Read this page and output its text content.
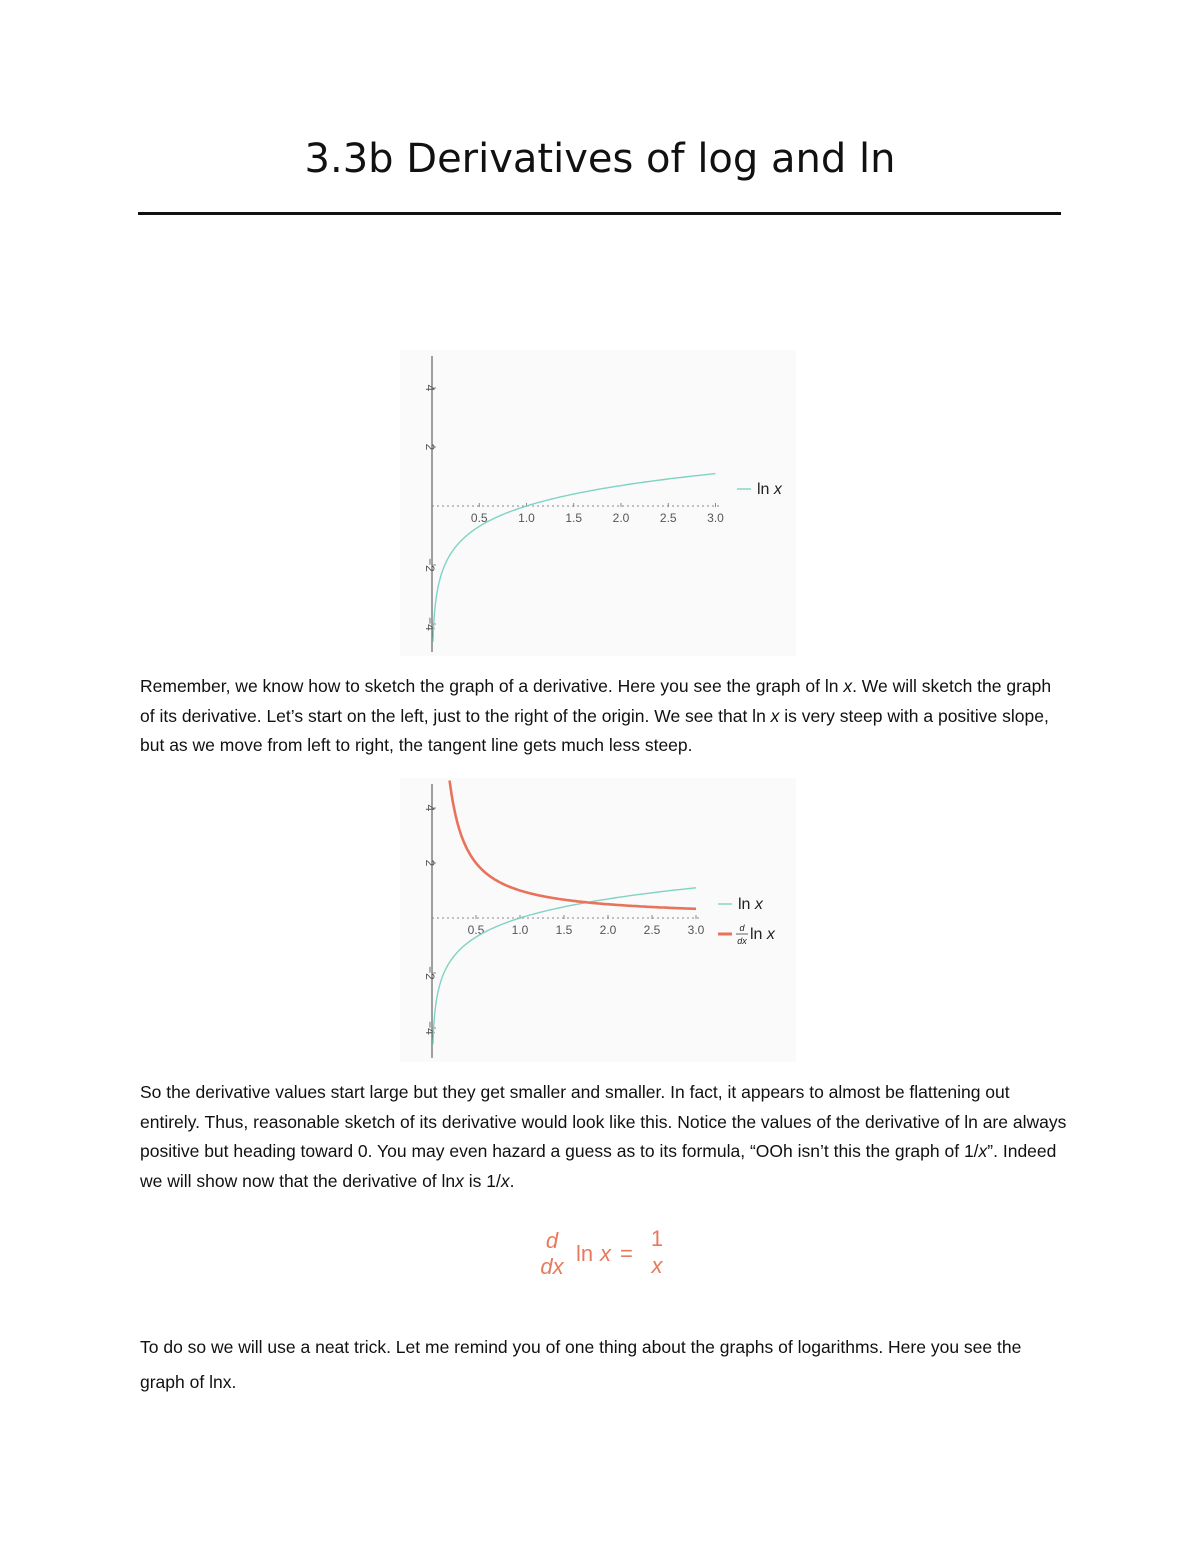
3.3b Derivatives of log and ln
0.5	1.0	1.5	2.0	2.5	3.0
4
2
−2
−4
ln x

Remember, we know how to sketch the graph of a derivative. Here you see the graph of ln x. We will sketch the graph of its derivative. Let’s start on the left, just to the right of the origin. We see that ln x is very steep with a positive slope, but as we move from left to right, the tangent line gets much less steep.

0.5 1.0 1.5 2.0 2.5 3.0
4
2
−2
−4
ln x
d
dx ln x

So the derivative values start large but they get smaller and smaller. In fact, it appears to almost be flattening out entirely. Thus, reasonable sketch of its derivative would look like this. Notice the values of the derivative of ln are always positive but heading toward 0. You may even hazard a guess as to its formula, “OOh isn’t this the graph of 1/x”. Indeed we will show now that the derivative of lnx is 1/x.

d
dx
ln x =
1
x

To do so we will use a neat trick. Let me remind you of one thing about the graphs of logarithms. Here you see the graph of lnx.
